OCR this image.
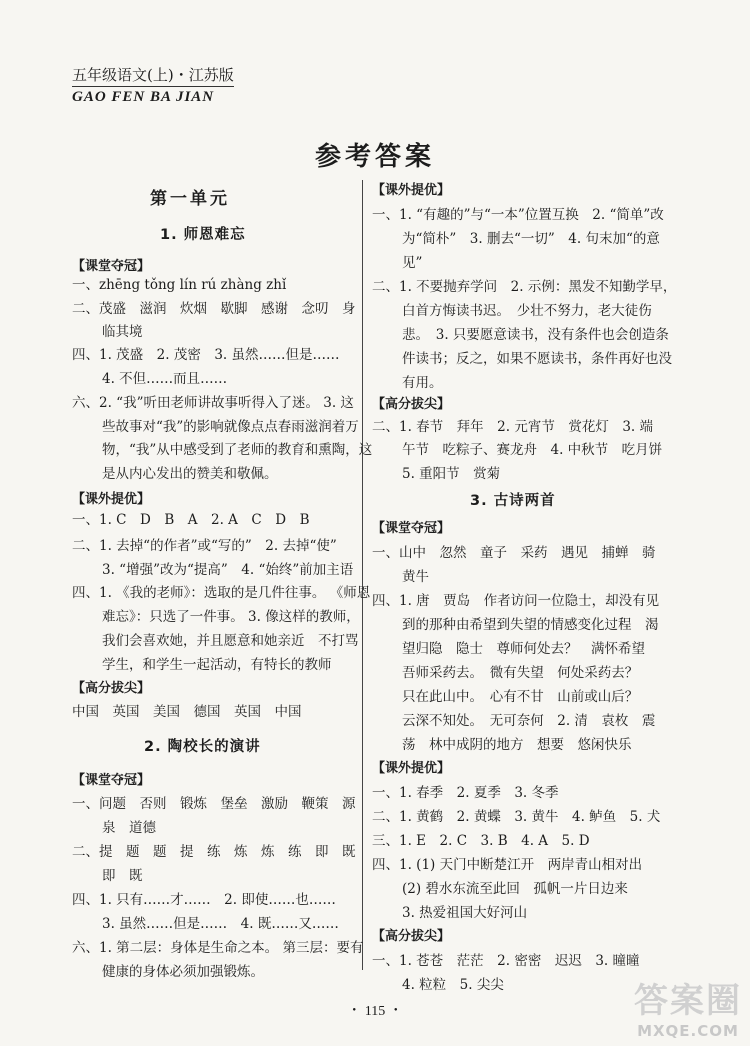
五年级语文(上)・江苏版
GAO FEN BA JIAN
参考答案
第一单元
1. 师恩难忘
【课堂夺冠】
一、zhēng tǒng lín rú zhàng zhǐ
二、茂盛　滋润　炊烟　歇脚　感谢　念叨　身
临其境
四、1. 茂盛　2. 茂密　3. 虽然……但是……
4. 不但……而且……
六、2. “我”听田老师讲故事听得入了迷。 3. 这
些故事对“我”的影响就像点点春雨滋润着万
物，“我”从中感受到了老师的教育和熏陶，这
是从内心发出的赞美和敬佩。
【课外提优】
一、1. C　D　B　A　2. A　C　D　B
二、1. 去掉“的作者”或“写的”　2. 去掉“使”
3. “增强”改为“提高”　4. “始终”前加主语
四、1. 《我的老师》：选取的是几件往事。 《师恩
难忘》：只选了一件事。 3. 像这样的教师，
我们会喜欢她，并且愿意和她亲近　不打骂
学生，和学生一起活动，有特长的教师
【高分拔尖】
中国　英国　美国　德国　英国　中国
2. 陶校长的演讲
【课堂夺冠】
一、问题　否则　锻炼　堡垒　激励　鞭策　源
泉　道德
二、提　题　题　提　练　炼　炼　练　即　既
即　既
四、1. 只有……才……　2. 即使……也……
3. 虽然……但是……　4. 既……又……
六、1. 第二层：身体是生命之本。 第三层：要有
健康的身体必须加强锻炼。
【课外提优】
一、1. “有趣的”与“一本”位置互换　2. “简单”改
为“简朴”　3. 删去“一切”　4. 句末加“的意
见”
二、1. 不要抛弃学问　2. 示例：黑发不知勤学早，
白首方悔读书迟。　少壮不努力，老大徒伤
悲。　3. 只要愿意读书，没有条件也会创造条
件读书；反之，如果不愿读书，条件再好也没
有用。
【高分拔尖】
二、1. 春节　拜年　2. 元宵节　赏花灯　3. 端
午节　吃粽子、赛龙舟　4. 中秋节　吃月饼
5. 重阳节　赏菊
3. 古诗两首
【课堂夺冠】
一、山中　忽然　童子　采药　遇见　捕蝉　骑
黄牛
四、1. 唐　贾岛　作者访问一位隐士，却没有见
到的那种由希望到失望的情感变化过程　渴
望归隐　隐士　尊师何处去？　满怀希望
吾师采药去。　微有失望　何处采药去？
只在此山中。　心有不甘　山前或山后？
云深不知处。　无可奈何　2. 清　袁枚　震
荡　林中成阴的地方　想要　悠闲快乐
【课外提优】
一、1. 春季　2. 夏季　3. 冬季
二、1. 黄鹤　2. 黄蝶　3. 黄牛　4. 鲈鱼　5. 犬
三、1. E　2. C　3. B　4. A　5. D
四、1. (1) 天门中断楚江开　两岸青山相对出
(2) 碧水东流至此回　孤帆一片日边来
3. 热爱祖国大好河山
【高分拔尖】
一、1. 苍苍　茫茫　2. 密密　迟迟　3. 曈曈
4. 粒粒　5. 尖尖
・ 115 ・	答案圈
MXQE.COM
